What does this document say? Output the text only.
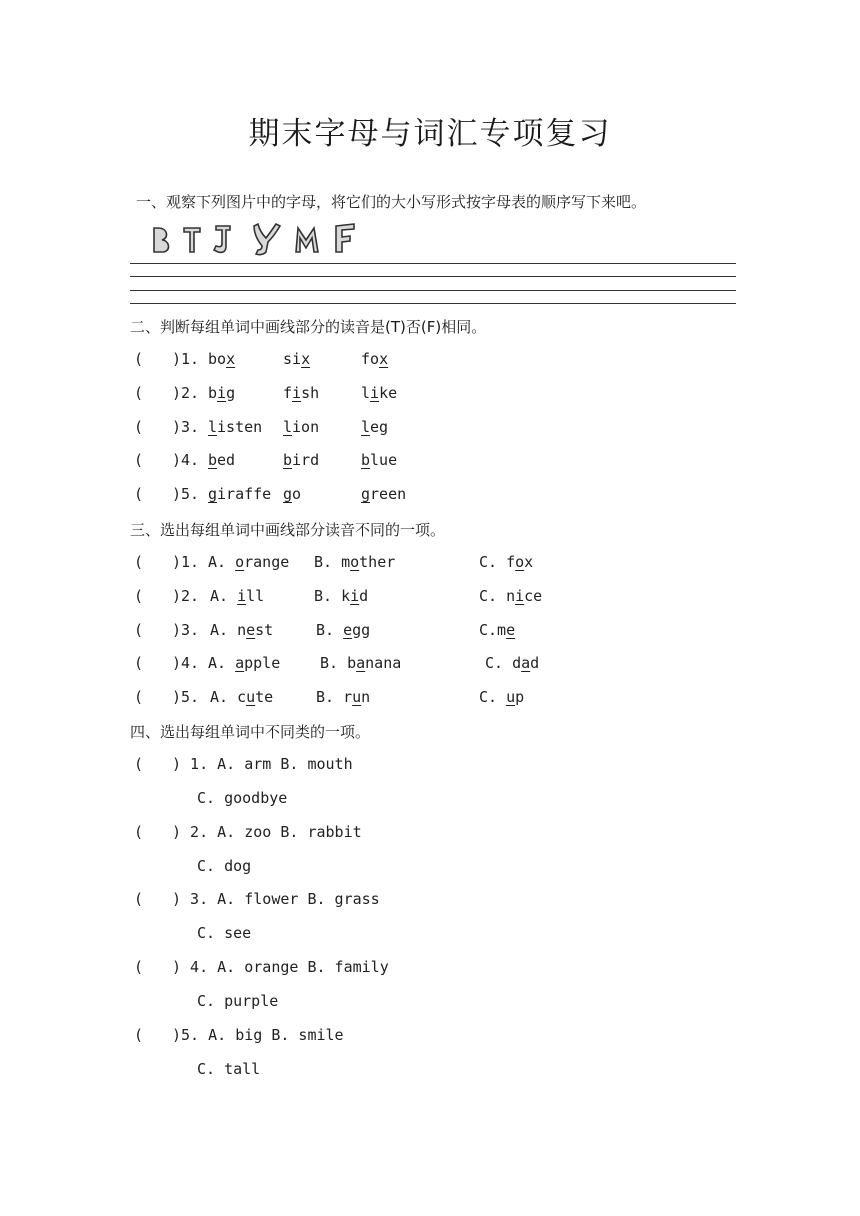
期末字母与词汇专项复习
一、观察下列图片中的字母，将它们的大小写形式按字母表的顺序写下来吧。
二、判断每组单词中画线部分的读音是(T)否(F)相同。
( )1. box	six	fox
( )2. big	fish	like
( )3. listen lion	leg
( )4. bed	bird	blue
( )5. giraffe go	green
三、选出每组单词中画线部分读音不同的一项。
( )1. A. orange B. mother	C. fox
( )2. A. ill	B. kid	C. nice
( )3. A. nest	B. egg	C.me
( )4. A. apple	B. banana	C. dad
( )5. A. cute	B. run	C. up
四、选出每组单词中不同类的一项。
( ) 1. A. arm B. mouth
C. goodbye
( ) 2. A. zoo B. rabbit
C. dog
( ) 3. A. flower B. grass
C. see
( ) 4. A. orange B. family
C. purple
( )5. A. big B. smile
C. tall
